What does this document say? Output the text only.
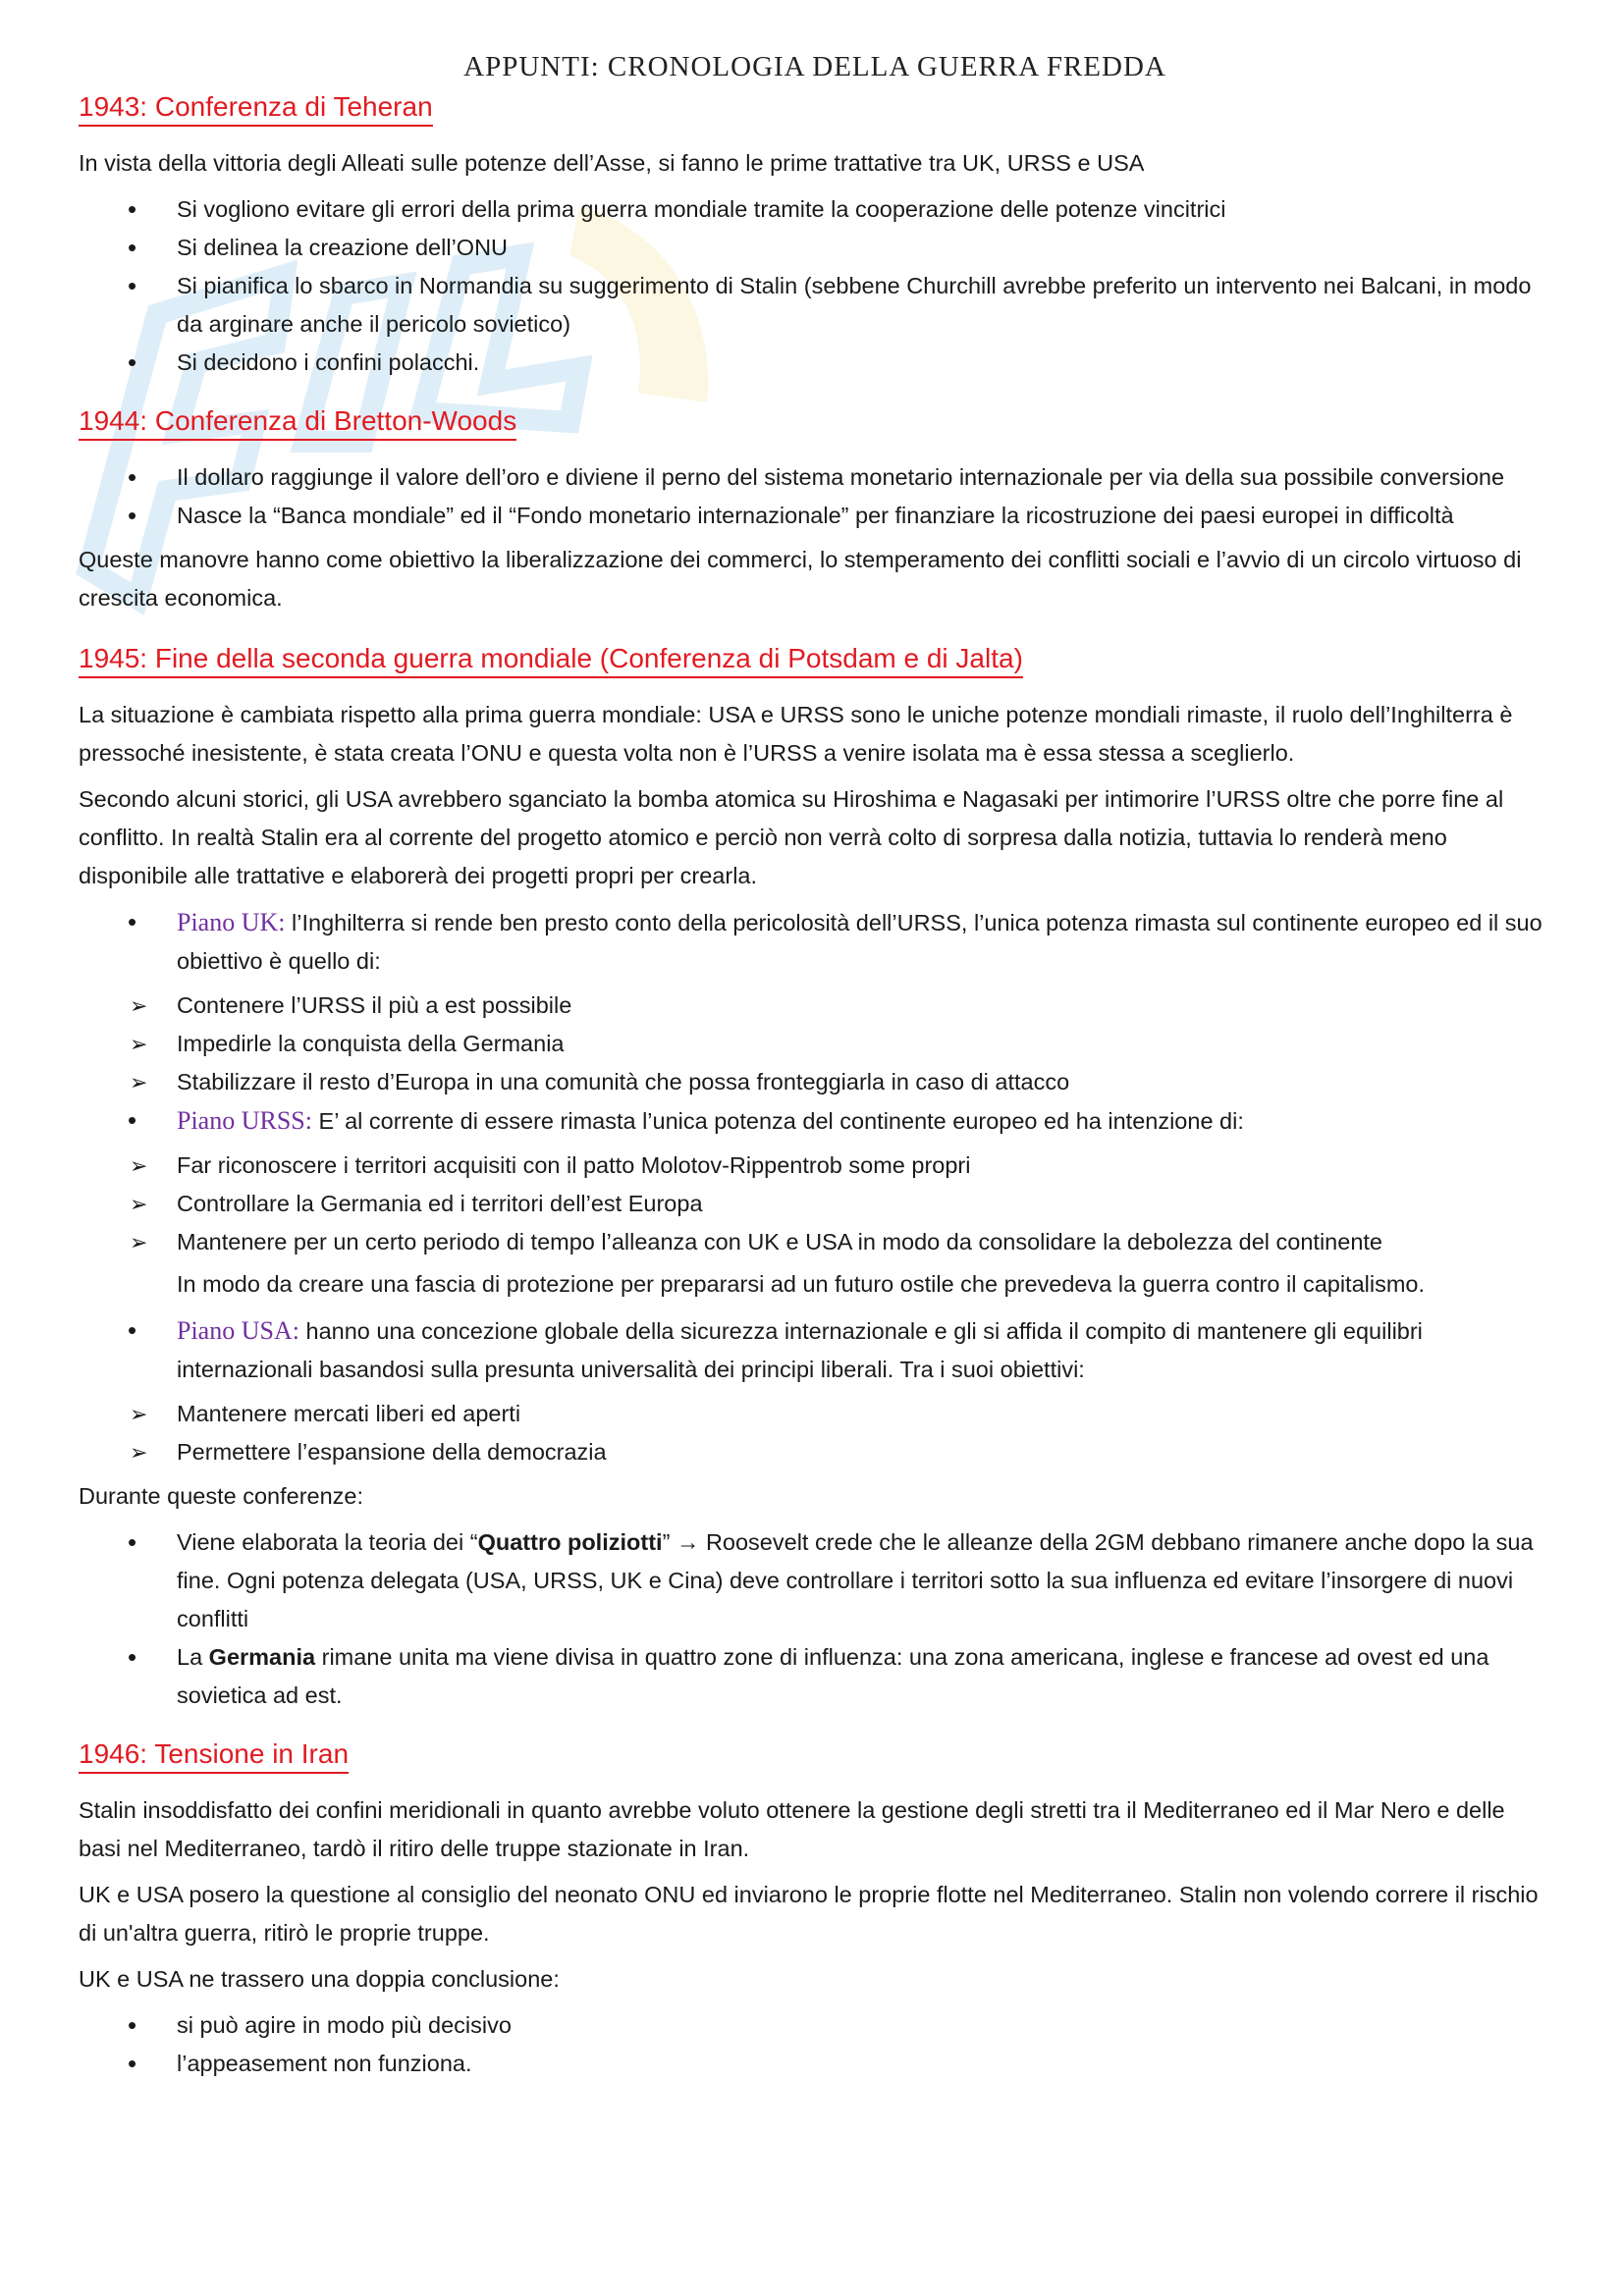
APPUNTI: CRONOLOGIA DELLA GUERRA FREDDA
1943: Conferenza di Teheran

In vista della vittoria degli Alleati sulle potenze dell’Asse, si fanno le prime trattative tra UK, URSS e USA

• Si vogliono evitare gli errori della prima guerra mondiale tramite la cooperazione delle potenze vincitrici
• Si delinea la creazione dell’ONU
• Si pianifica lo sbarco in Normandia su suggerimento di Stalin (sebbene Churchill avrebbe preferito un intervento nei Balcani, in modo da arginare anche il pericolo sovietico)
• Si decidono i confini polacchi.
1944: Conferenza di Bretton-Woods
• Il dollaro raggiunge il valore dell’oro e diviene il perno del sistema monetario internazionale per via della sua possibile conversione
• Nasce la “Banca mondiale” ed il “Fondo monetario internazionale” per finanziare la ricostruzione dei paesi europei in difficoltà

Queste manovre hanno come obiettivo la liberalizzazione dei commerci, lo stemperamento dei conflitti sociali e l’avvio di un circolo virtuoso di crescita economica.

1945: Fine della seconda guerra mondiale (Conferenza di Potsdam e di Jalta)

La situazione è cambiata rispetto alla prima guerra mondiale: USA e URSS sono le uniche potenze mondiali rimaste, il ruolo dell’Inghilterra è pressoché inesistente, è stata creata l’ONU e questa volta non è l’URSS a venire isolata ma è essa stessa a sceglierlo.

Secondo alcuni storici, gli USA avrebbero sganciato la bomba atomica su Hiroshima e Nagasaki per intimorire l’URSS oltre che porre fine al conflitto. In realtà Stalin era al corrente del progetto atomico e perciò non verrà colto di sorpresa dalla notizia, tuttavia lo renderà meno disponibile alle trattative e elaborerà dei progetti propri per crearla.

• Piano UK: l’Inghilterra si rende ben presto conto della pericolosità dell’URSS, l’unica potenza rimasta sul continente europeo ed il suo obiettivo è quello di:
➢ Contenere l’URSS il più a est possibile
➢ Impedirle la conquista della Germania
➢ Stabilizzare il resto d’Europa in una comunità che possa fronteggiarla in caso di attacco
• Piano URSS: E’ al corrente di essere rimasta l’unica potenza del continente europeo ed ha intenzione di:
➢ Far riconoscere i territori acquisiti con il patto Molotov-Rippentrob some propri
➢ Controllare la Germania ed i territori dell’est Europa
➢ Mantenere per un certo periodo di tempo l’alleanza con UK e USA in modo da consolidare la debolezza del continente

In modo da creare una fascia di protezione per prepararsi ad un futuro ostile che prevedeva la guerra contro il capitalismo.

• Piano USA: hanno una concezione globale della sicurezza internazionale e gli si affida il compito di mantenere gli equilibri internazionali basandosi sulla presunta universalità dei principi liberali. Tra i suoi obiettivi:
➢ Mantenere mercati liberi ed aperti
➢ Permettere l’espansione della democrazia

Durante queste conferenze:

• Viene elaborata la teoria dei “Quattro poliziotti” → Roosevelt crede che le alleanze della 2GM debbano rimanere anche dopo la sua fine. Ogni potenza delegata (USA, URSS, UK e Cina) deve controllare i territori sotto la sua influenza ed evitare l’insorgere di nuovi conflitti
• La Germania rimane unita ma viene divisa in quattro zone di influenza: una zona americana, inglese e francese ad ovest ed una sovietica ad est.
1946: Tensione in Iran

Stalin insoddisfatto dei confini meridionali in quanto avrebbe voluto ottenere la gestione degli stretti tra il Mediterraneo ed il Mar Nero e delle basi nel Mediterraneo, tardò il ritiro delle truppe stazionate in Iran.

UK e USA posero la questione al consiglio del neonato ONU ed inviarono le proprie flotte nel Mediterraneo. Stalin non volendo correre il rischio di un'altra guerra, ritirò le proprie truppe.

UK e USA ne trassero una doppia conclusione:

• si può agire in modo più decisivo
• l’appeasement non funziona.
